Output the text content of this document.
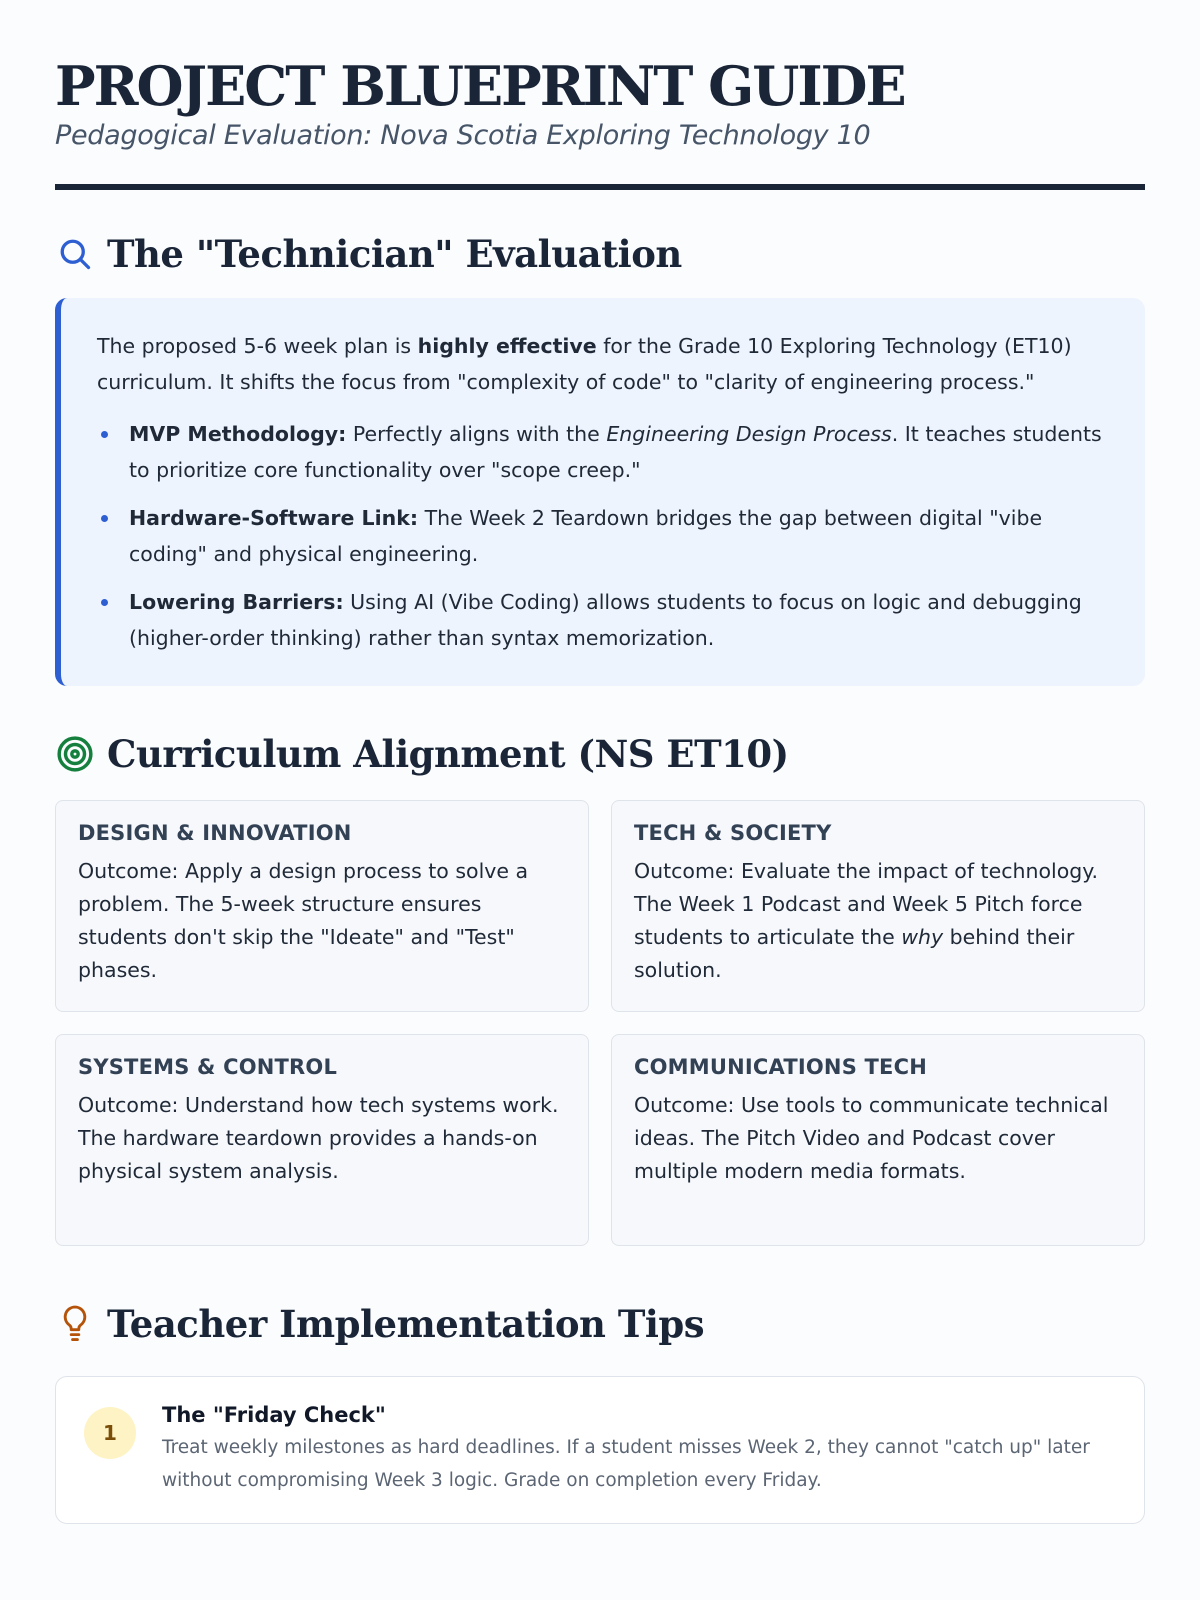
PROJECT BLUEPRINT GUIDE
Pedagogical Evaluation: Nova Scotia Exploring Technology 10
The "Technician" Evaluation

The proposed 5-6 week plan is highly effective for the Grade 10 Exploring Technology (ET10) curriculum. It shifts the focus from "complexity of code" to "clarity of engineering process."

MVP Methodology: Perfectly aligns with the Engineering Design Process. It teaches students to prioritize core functionality over "scope creep."
Hardware-Software Link: The Week 2 Teardown bridges the gap between digital "vibe coding" and physical engineering.
Lowering Barriers: Using AI (Vibe Coding) allows students to focus on logic and debugging (higher-order thinking) rather than syntax memorization.
Curriculum Alignment (NS ET10)
DESIGN & INNOVATION
Outcome: Apply a design process to solve a problem. The 5-week structure ensures students don't skip the "Ideate" and "Test" phases.
TECH & SOCIETY
Outcome: Evaluate the impact of technology. The Week 1 Podcast and Week 5 Pitch force students to articulate the why behind their solution.
SYSTEMS & CONTROL
Outcome: Understand how tech systems work. The hardware teardown provides a hands-on physical system analysis.
COMMUNICATIONS TECH
Outcome: Use tools to communicate technical ideas. The Pitch Video and Podcast cover multiple modern media formats.
Teacher Implementation Tips
1
The "Friday Check"
Treat weekly milestones as hard deadlines. If a student misses Week 2, they cannot "catch up" later without compromising Week 3 logic. Grade on completion every Friday.
